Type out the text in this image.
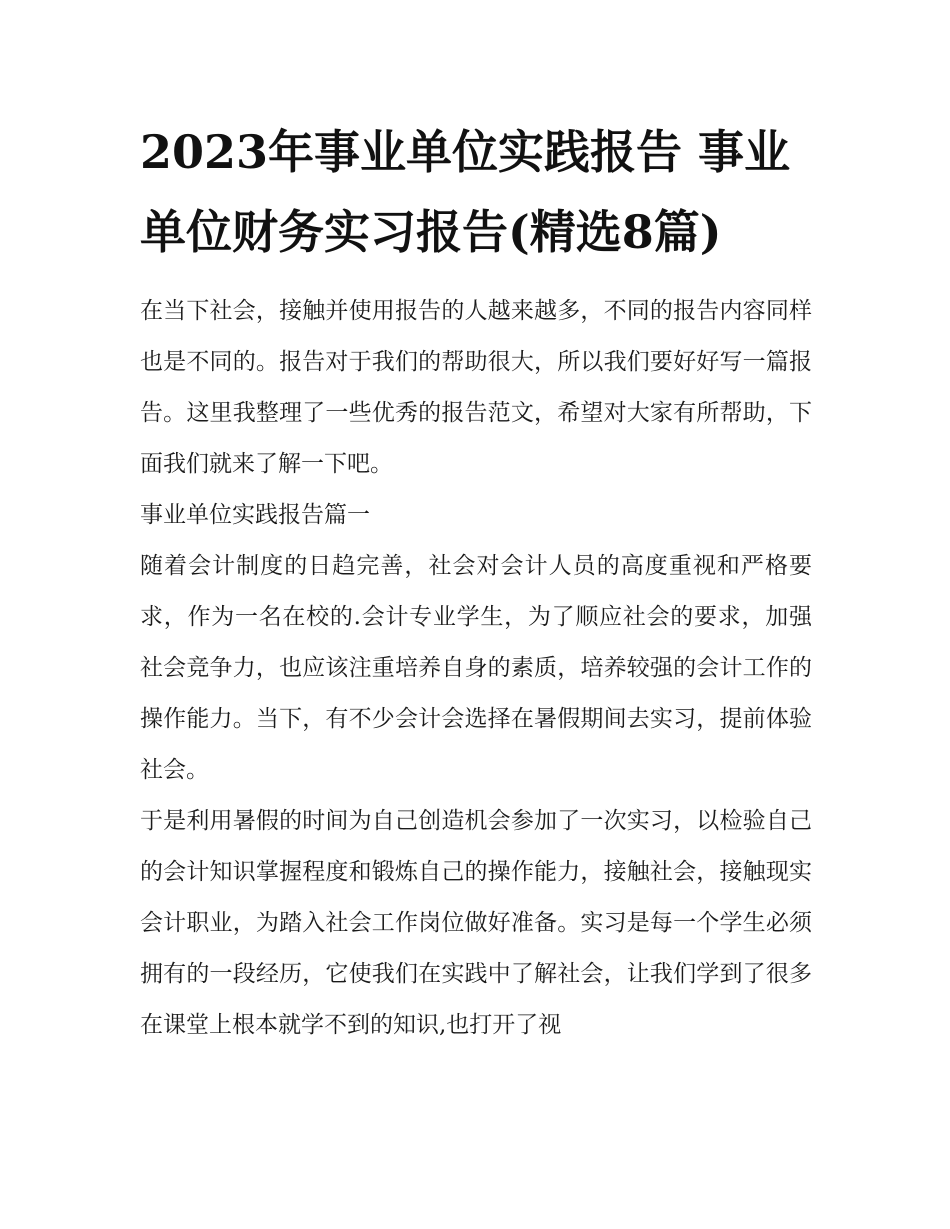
2023年事业单位实践报告 事业单位财务实习报告(精选8篇)

在当下社会，接触并使用报告的人越来越多，不同的报告内容同样也是不同的。报告对于我们的帮助很大，所以我们要好好写一篇报告。这里我整理了一些优秀的报告范文，希望对大家有所帮助，下面我们就来了解一下吧。

事业单位实践报告篇一

随着会计制度的日趋完善，社会对会计人员的高度重视和严格要求，作为一名在校的.会计专业学生，为了顺应社会的要求，加强社会竞争力，也应该注重培养自身的素质，培养较强的会计工作的操作能力。当下，有不少会计会选择在暑假期间去实习，提前体验社会。

于是利用暑假的时间为自己创造机会参加了一次实习，以检验自己的会计知识掌握程度和锻炼自己的操作能力，接触社会，接触现实会计职业，为踏入社会工作岗位做好准备。实习是每一个学生必须拥有的一段经历，它使我们在实践中了解社会，让我们学到了很多在课堂上根本就学不到的知识,也打开了视
